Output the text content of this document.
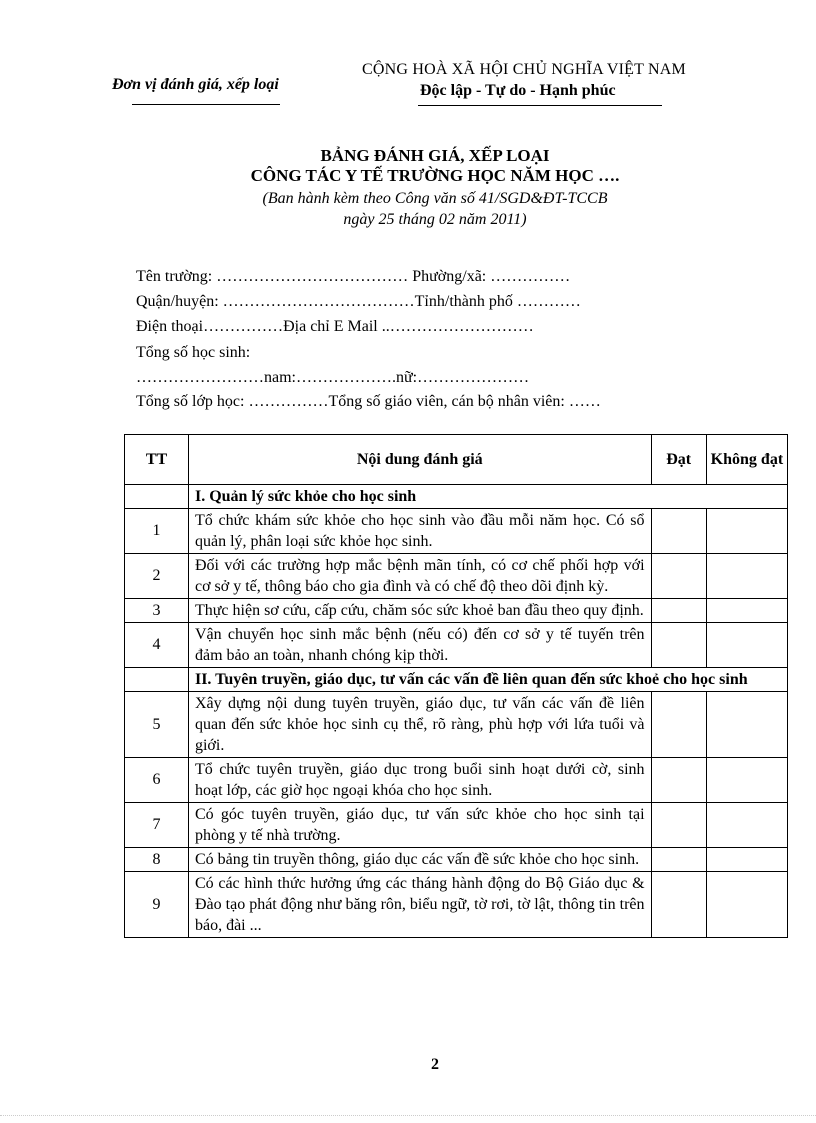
Đơn vị đánh giá, xếp loại
CỘNG HOÀ XÃ HỘI CHỦ NGHĨA VIỆT NAM
Độc lập - Tự do - Hạnh phúc
BẢNG ĐÁNH GIÁ, XẾP LOẠI
CÔNG TÁC Y TẾ TRƯỜNG HỌC NĂM HỌC ….
(Ban hành kèm theo Công văn số 41/SGD&ĐT-TCCB
ngày 25 tháng 02 năm 2011)
Tên trường: ……………………………… Phường/xã: ……………
Quận/huyện: ………………………………Tỉnh/thành phố …………
Điện thoại……………Địa chỉ E Mail ..………………………
Tổng số học sinh:
……………………nam:……………….nữ:…………………
Tổng số lớp học: ……………Tổng số giáo viên, cán bộ nhân viên: ……
TT	Nội dung đánh giá	Đạt	Không đạt
	I. Quản lý sức khỏe cho học sinh		
1	Tổ chức khám sức khỏe cho học sinh vào đầu mỗi năm học. Có sổ quản lý, phân loại sức khỏe học sinh.		
2	Đối với các trường hợp mắc bệnh mãn tính, có cơ chế phối hợp với cơ sở y tế, thông báo cho gia đình và có chế độ theo dõi định kỳ.		
3	Thực hiện sơ cứu, cấp cứu, chăm sóc sức khoẻ ban đầu theo quy định.		
4	Vận chuyển học sinh mắc bệnh (nếu có) đến cơ sở y tế tuyến trên đảm bảo an toàn, nhanh chóng kịp thời.		
	II. Tuyên truyền, giáo dục, tư vấn các vấn đề liên quan đến sức khoẻ cho học sinh		
5	Xây dựng nội dung tuyên truyền, giáo dục, tư vấn các vấn đề liên quan đến sức khỏe học sinh cụ thể, rõ ràng, phù hợp với lứa tuổi và giới.		
6	Tổ chức tuyên truyền, giáo dục trong buổi sinh hoạt dưới cờ, sinh hoạt lớp, các giờ học ngoại khóa cho học sinh.		
7	Có góc tuyên truyền, giáo dục, tư vấn sức khỏe cho học sinh tại phòng y tế nhà trường.		
8	Có bảng tin truyền thông, giáo dục các vấn đề sức khỏe cho học sinh.		
9	Có các hình thức hưởng ứng các tháng hành động do Bộ Giáo dục & Đào tạo phát động như băng rôn, biểu ngữ, tờ rơi, tờ lật, thông tin trên báo, đài ...		
2
